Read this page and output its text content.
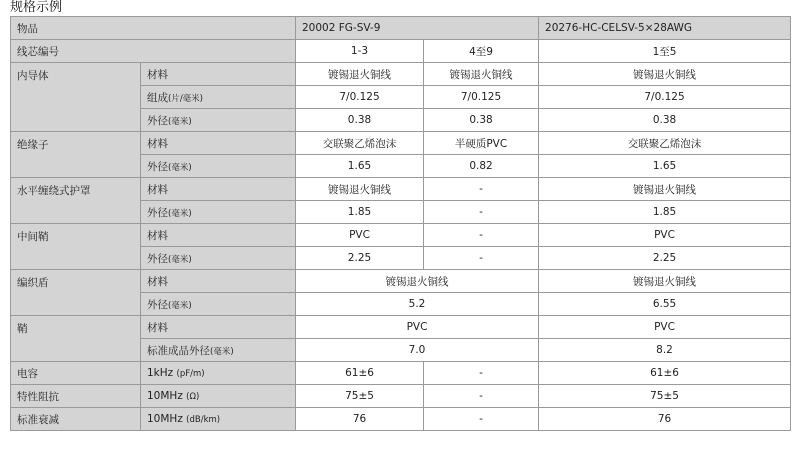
规格示例
物品		20002 FG-SV-9		20276-HC-CELSV-5×28AWG
线芯编号		1-3	4至9	1至5
内导体	材料	镀锡退火铜线	镀锡退火铜线	镀锡退火铜线
	组成(片/毫米)	7/0.125	7/0.125	7/0.125
	外径(毫米)	0.38	0.38	0.38
绝缘子	材料	交联聚乙烯泡沫	半硬质PVC	交联聚乙烯泡沫
	外径(毫米)	1.65	0.82	1.65
水平缠绕式护罩	材料	镀锡退火铜线	-	镀锡退火铜线
	外径(毫米)	1.85	-	1.85
中间鞘	材料	PVC	-	PVC
	外径(毫米)	2.25	-	2.25
编织盾	材料	镀锡退火铜线		镀锡退火铜线
	外径(毫米)	5.2		6.55
鞘	材料	PVC		PVC
	标准成品外径(毫米)	7.0		8.2
电容	1kHz (pF/m)	61±6	-	61±6
特性阻抗	10MHz (Ω)	75±5	-	75±5
标准衰减	10MHz (dB/km)	76	-	76
